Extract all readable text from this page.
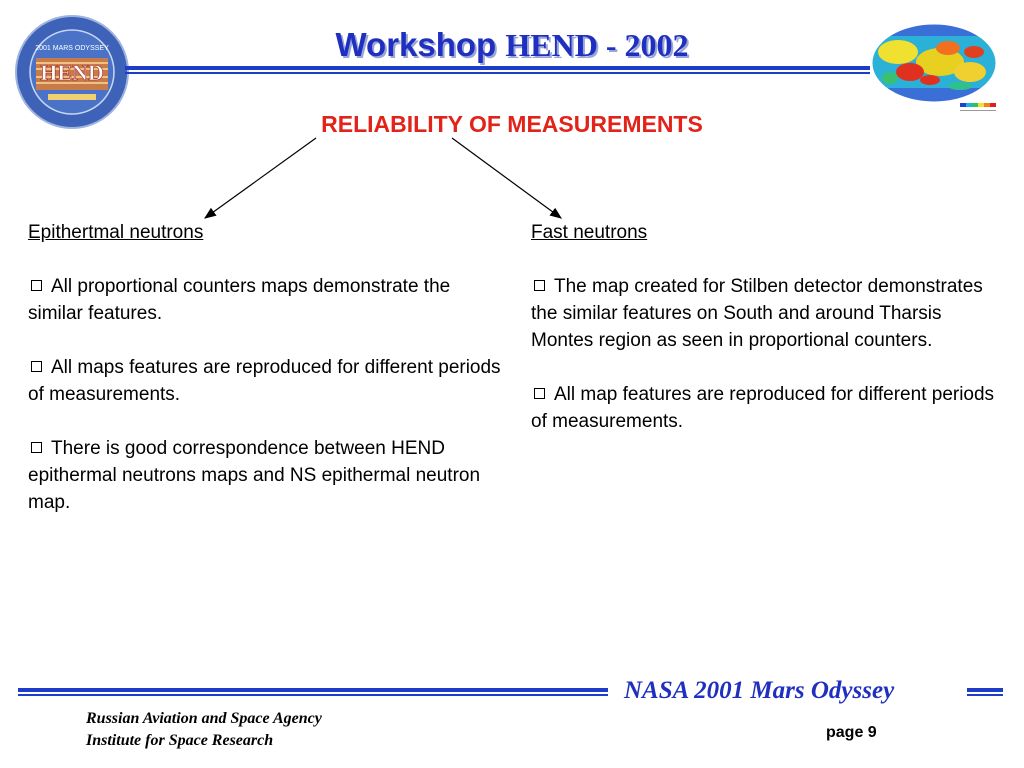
2001 MARS ODYSSEY
HEND
Workshop HEND - 2002
RELIABILITY OF MEASUREMENTS
Epithertmal neutrons
All proportional counters maps demonstrate the similar features.
All maps features are reproduced for different periods of measurements.
There is good correspondence between HEND epithermal neutrons maps and NS epithermal neutron map.
Fast neutrons
The map created for Stilben detector demonstrates the similar features on South and around Tharsis Montes region as seen in proportional counters.
All map features are reproduced for different periods of measurements.
NASA 2001 Mars Odyssey
Russian Aviation and Space Agency
Institute for Space Research	page 9
